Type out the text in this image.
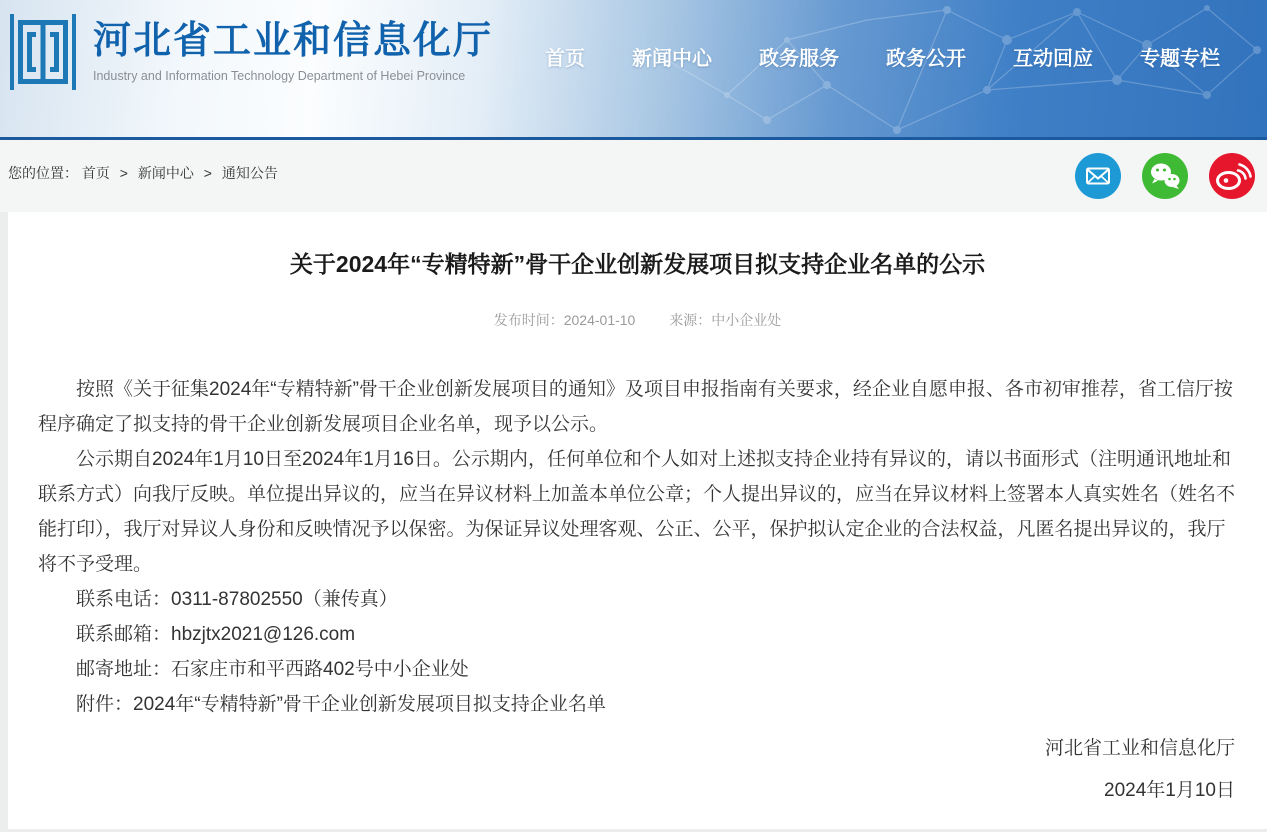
河北省工业和信息化厅
Industry and Information Technology Department of Hebei Province
首页 新闻中心 政务服务 政务公开 互动回应 专题专栏
您的位置： 首页 > 新闻中心 > 通知公告
关于2024年“专精特新”骨干企业创新发展项目拟支持企业名单的公示
发布时间：2024-01-10 来源：中小企业处

按照《关于征集2024年“专精特新”骨干企业创新发展项目的通知》及项目申报指南有关要求，经企业自愿申报、各市初审推荐，省工信厅按程序确定了拟支持的骨干企业创新发展项目企业名单，现予以公示。

公示期自2024年1月10日至2024年1月16日。公示期内，任何单位和个人如对上述拟支持企业持有异议的，请以书面形式（注明通讯地址和联系方式）向我厅反映。单位提出异议的，应当在异议材料上加盖本单位公章；个人提出异议的，应当在异议材料上签署本人真实姓名（姓名不能打印），我厅对异议人身份和反映情况予以保密。为保证异议处理客观、公正、公平，保护拟认定企业的合法权益，凡匿名提出异议的，我厅将不予受理。

联系电话：0311-87802550（兼传真）

联系邮箱：hbzjtx2021@126.com

邮寄地址：石家庄市和平西路402号中小企业处

附件：2024年“专精特新”骨干企业创新发展项目拟支持企业名单

河北省工业和信息化厅
2024年1月10日
